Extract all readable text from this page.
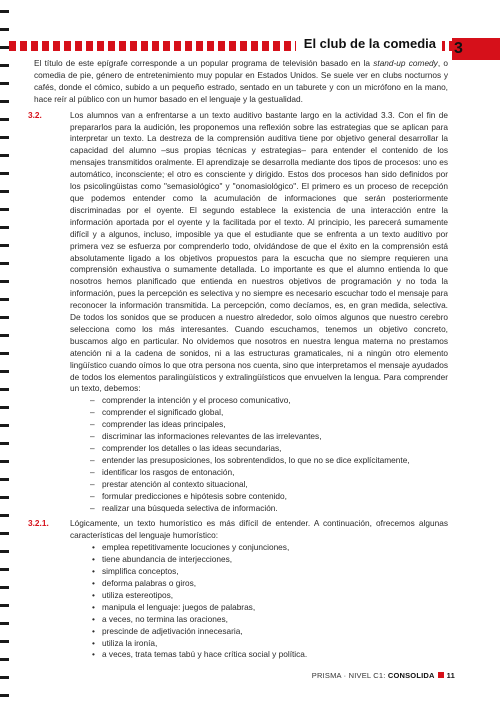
El club de la comedia	3

El título de este epígrafe corresponde a un popular programa de televisión basado en la stand-up comedy, o comedia de pie, género de entretenimiento muy popular en Estados Unidos. Se suele ver en clubs nocturnos y cafés, donde el cómico, subido a un pequeño estrado, sentado en un taburete y con un micrófono en la mano, hace reír al público con un humor basado en el lenguaje y la gestualidad.

3.2.	Los alumnos van a enfrentarse a un texto auditivo bastante largo en la actividad 3.3. Con el fin de prepararlos para la audición, les proponemos una reflexión sobre las estrategias que se aplican para interpretar un texto. La destreza de la comprensión auditiva tiene por objetivo general desarrollar la capacidad del alumno –sus propias técnicas y estrategias– para entender el contenido de los mensajes transmitidos oralmente. El aprendizaje se desarrolla mediante dos tipos de procesos: uno es automático, inconsciente; el otro es consciente y dirigido. Estos dos procesos han sido definidos por los psicolingüistas como "semasiológico" y "onomasiológico". El primero es un proceso de recepción que podemos entender como la acumulación de informaciones que serán posteriormente discriminadas por el oyente. El segundo establece la existencia de una interacción entre la información aportada por el oyente y la facilitada por el texto. Al principio, les parecerá sumamente difícil y a algunos, incluso, imposible ya que el estudiante que se enfrenta a un texto auditivo por primera vez se esfuerza por comprenderlo todo, olvidándose de que el éxito en la comprensión está absolutamente ligado a los objetivos propuestos para la escucha que no siempre requieren una comprensión exhaustiva o sumamente detallada. Lo importante es que el alumno entienda lo que nosotros hemos planificado que entienda en nuestros objetivos de programación y no toda la información, pues la percepción es selectiva y no siempre es necesario escuchar todo el mensaje para reconocer la información transmitida. La percepción, como decíamos, es, en gran medida, selectiva. De todos los sonidos que se producen a nuestro alrededor, solo oímos algunos que nuestro cerebro selecciona como los más interesantes. Cuando escuchamos, tenemos un objetivo concreto, buscamos algo en particular. No olvidemos que nosotros en nuestra lengua materna no prestamos atención ni a la cadena de sonidos, ni a las estructuras gramaticales, ni a ningún otro elemento lingüístico cuando oímos lo que otra persona nos cuenta, sino que interpretamos el mensaje ayudados de todos los elementos paralingüísticos y extralingüísticos que envuelven la lengua. Para comprender un texto, debemos:

– comprender la intención y el proceso comunicativo,
– comprender el significado global,
– comprender las ideas principales,
– discriminar las informaciones relevantes de las irrelevantes,
– comprender los detalles o las ideas secundarias,
– entender las presuposiciones, los sobrentendidos, lo que no se dice explícitamente,
– identificar los rasgos de entonación,
– prestar atención al contexto situacional,
– formular predicciones e hipótesis sobre contenido,
– realizar una búsqueda selectiva de información.
3.2.1.	Lógicamente, un texto humorístico es más difícil de entender. A continuación, ofrecemos algunas características del lenguaje humorístico:

• emplea repetitivamente locuciones y conjunciones,
• tiene abundancia de interjecciones,
• simplifica conceptos,
• deforma palabras o giros,
• utiliza estereotipos,
• manipula el lenguaje: juegos de palabras,
• a veces, no termina las oraciones,
• prescinde de adjetivación innecesaria,
• utiliza la ironía,
• a veces, trata temas tabú y hace crítica social y política.
PRISMA · NIVEL C1: CONSOLIDA 11
